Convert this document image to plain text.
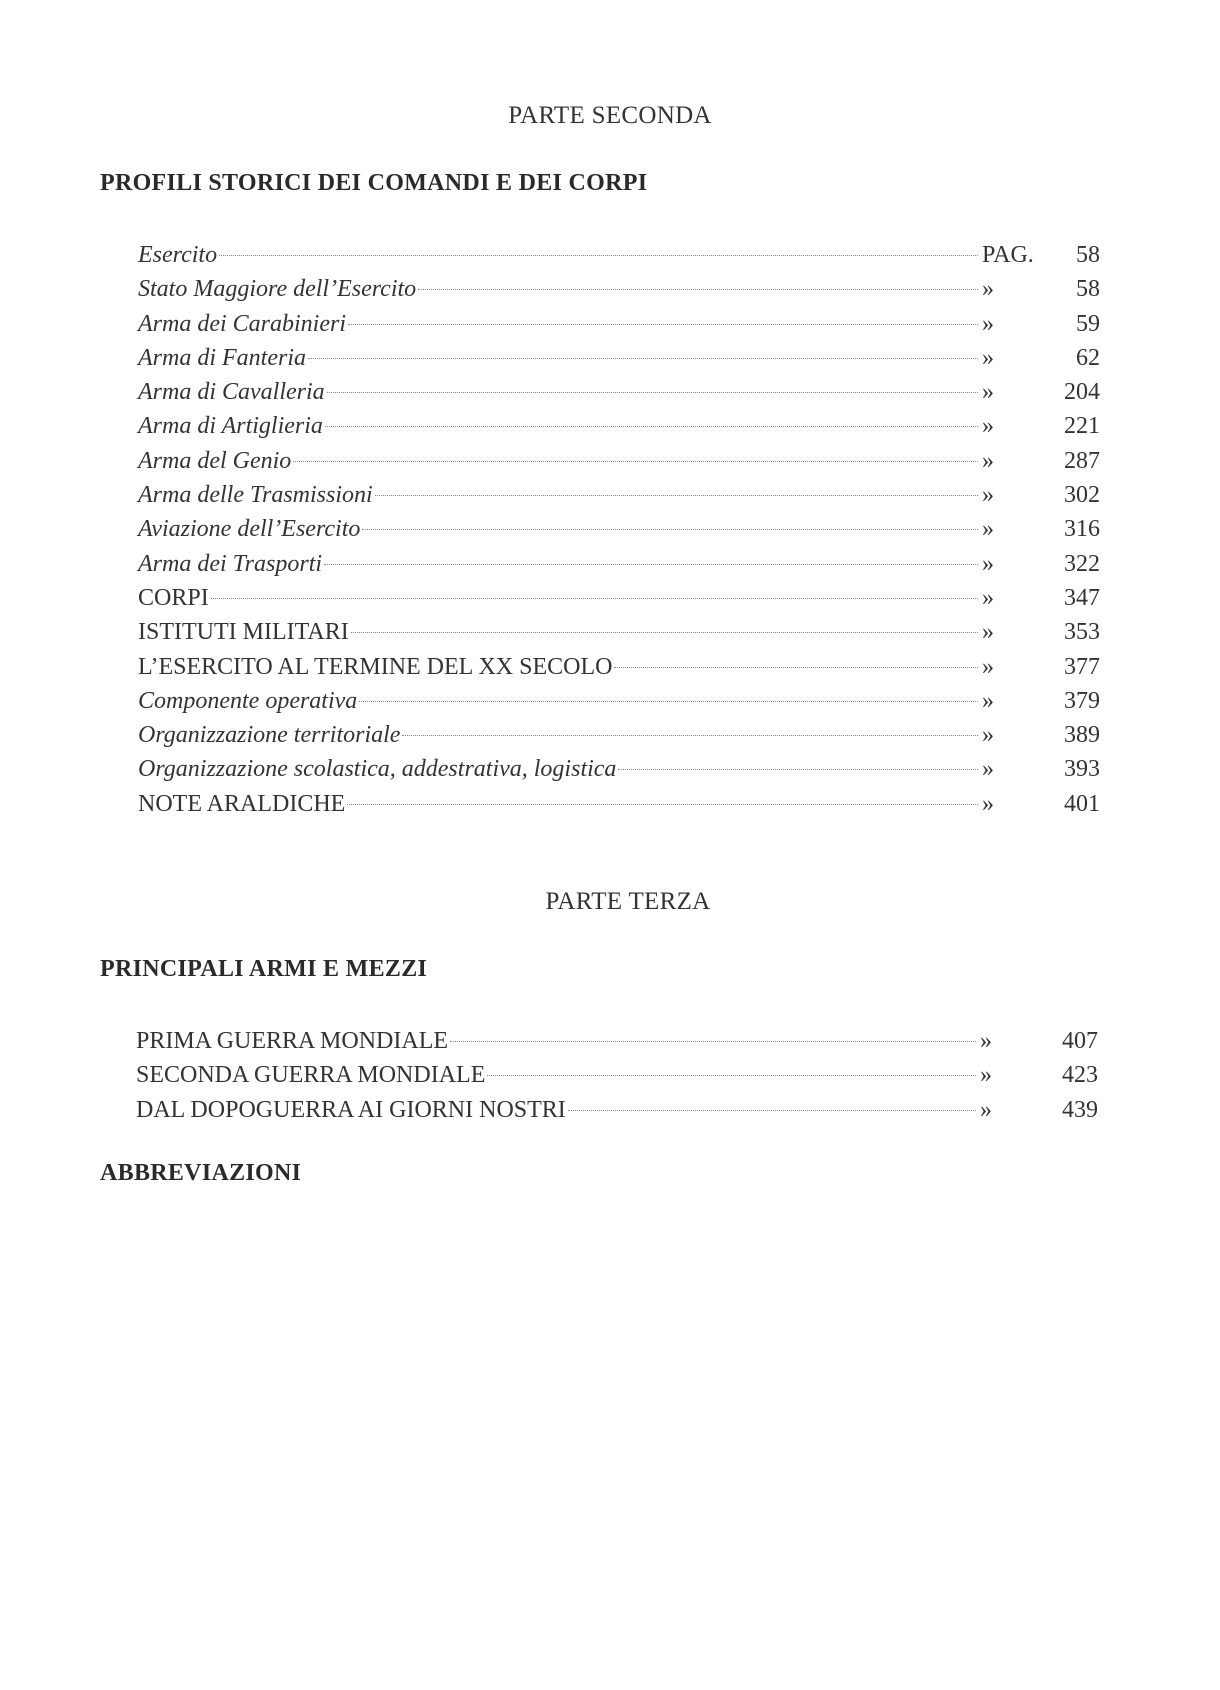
PARTE SECONDA
PROFILI STORICI DEI COMANDI E DEI CORPI
Esercito	PAG.	58
Stato Maggiore dell’Esercito	»	58
Arma dei Carabinieri	»	59
Arma di Fanteria	»	62
Arma di Cavalleria	»	204
Arma di Artiglieria	»	221
Arma del Genio	»	287
Arma delle Trasmissioni	»	302
Aviazione dell’Esercito	»	316
Arma dei Trasporti	»	322
CORPI	»	347
ISTITUTI MILITARI	»	353
L’ESERCITO AL TERMINE DEL XX SECOLO	»	377
Componente operativa	»	379
Organizzazione territoriale	»	389
Organizzazione scolastica, addestrativa, logistica	»	393
NOTE ARALDICHE	»	401
PARTE TERZA
PRINCIPALI ARMI E MEZZI
PRIMA GUERRA MONDIALE	»	407
SECONDA GUERRA MONDIALE	»	423
DAL DOPOGUERRA AI GIORNI NOSTRI	»	439
ABBREVIAZIONI
